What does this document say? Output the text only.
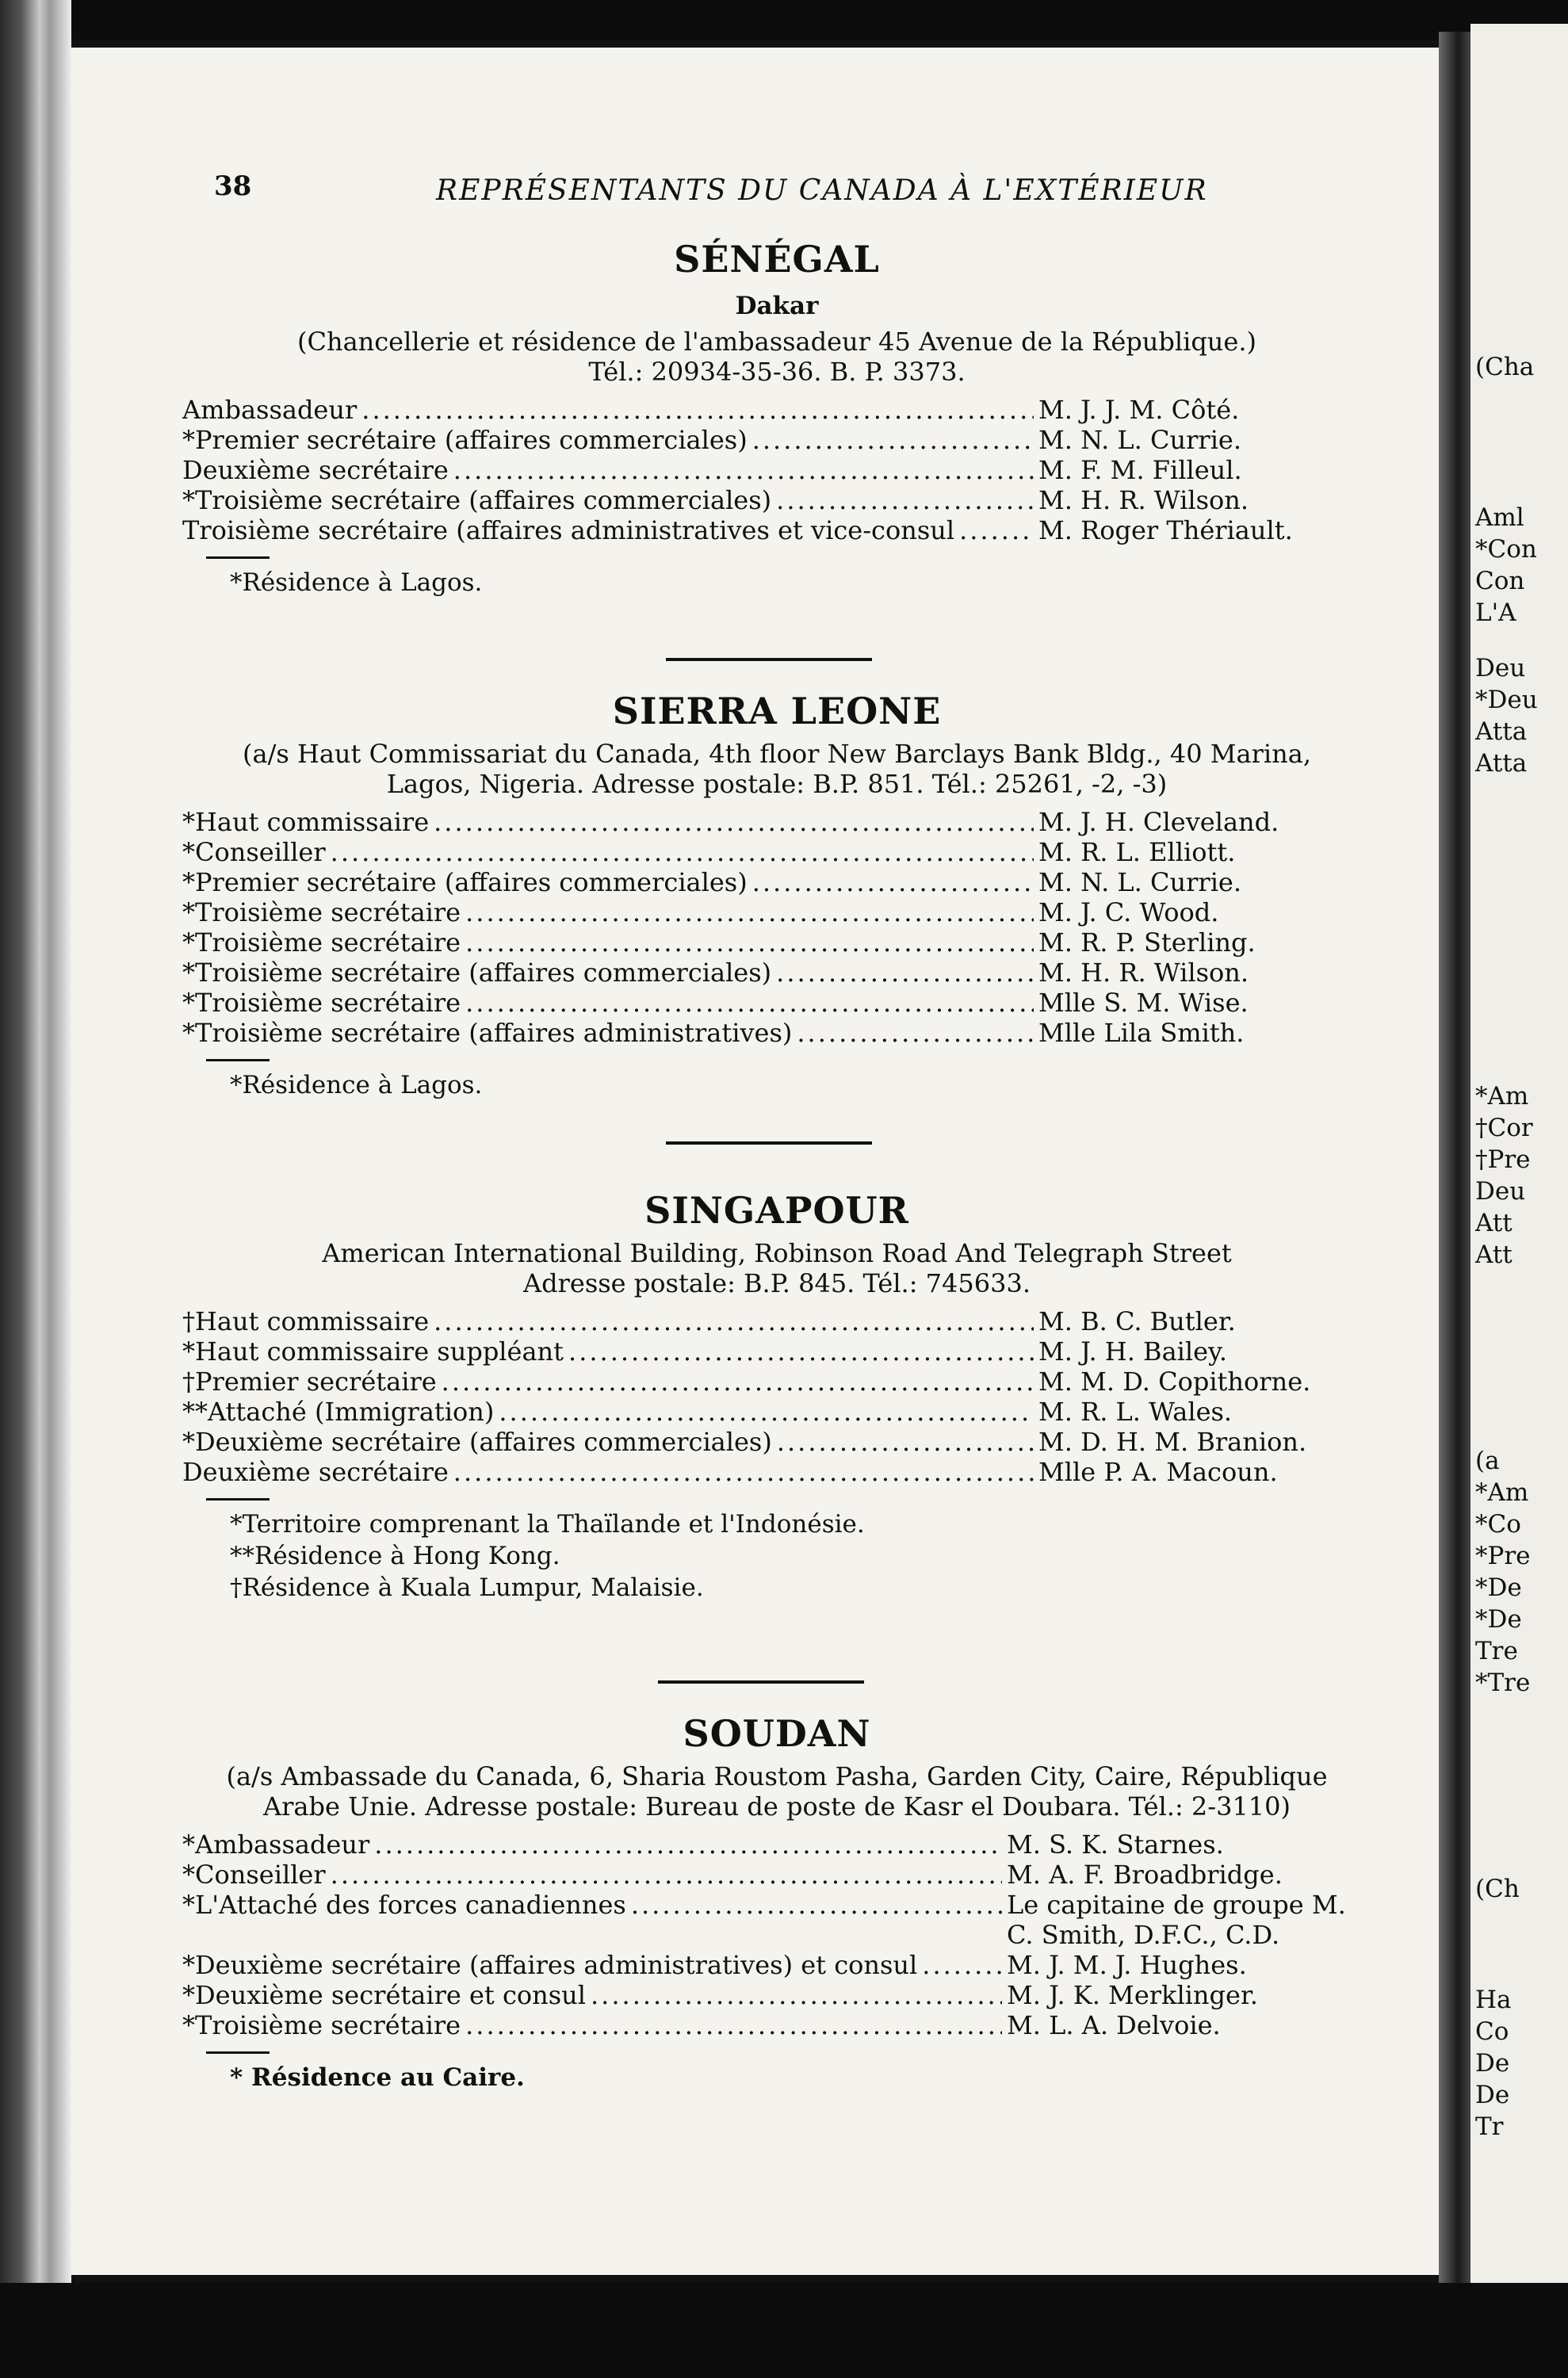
38	REPRÉSENTANTS DU CANADA À L'EXTÉRIEUR
SÉNÉGAL
Dakar
(Chancellerie et résidence de l'ambassadeur 45 Avenue de la République.)
Tél.: 20934-35-36. B. P. 3373.
Ambassadeur .....	M. J. J. M. Côté.
*Premier secrétaire (affaires commerciales) .....	M. N. L. Currie.
Deuxième secrétaire .....	M. F. M. Filleul.
*Troisième secrétaire (affaires commerciales) .....	M. H. R. Wilson.
Troisième secrétaire (affaires administratives et vice-consul .....	M. Roger Thériault.
*Résidence à Lagos.
SIERRA LEONE
(a/s Haut Commissariat du Canada, 4th floor New Barclays Bank Bldg., 40 Marina,
Lagos, Nigeria. Adresse postale: B.P. 851. Tél.: 25261, -2, -3)
*Haut commissaire .....	M. J. H. Cleveland.
*Conseiller .....	M. R. L. Elliott.
*Premier secrétaire (affaires commerciales) .....	M. N. L. Currie.
*Troisième secrétaire .....	M. J. C. Wood.
*Troisième secrétaire .....	M. R. P. Sterling.
*Troisième secrétaire (affaires commerciales) .....	M. H. R. Wilson.
*Troisième secrétaire .....	Mlle S. M. Wise.
*Troisième secrétaire (affaires administratives) .....	Mlle Lila Smith.
*Résidence à Lagos.
SINGAPOUR
American International Building, Robinson Road And Telegraph Street
Adresse postale: B.P. 845. Tél.: 745633.
†Haut commissaire .....	M. B. C. Butler.
*Haut commissaire suppléant .....	M. J. H. Bailey.
†Premier secrétaire .....	M. M. D. Copithorne.
**Attaché (Immigration) .....	M. R. L. Wales.
*Deuxième secrétaire (affaires commerciales) .....	M. D. H. M. Branion.
Deuxième secrétaire .....	Mlle P. A. Macoun.
*Territoire comprenant la Thaïlande et l'Indonésie.
**Résidence à Hong Kong.
†Résidence à Kuala Lumpur, Malaisie.
SOUDAN
(a/s Ambassade du Canada, 6, Sharia Roustom Pasha, Garden City, Caire, République
Arabe Unie. Adresse postale: Bureau de poste de Kasr el Doubara. Tél.: 2-3110)
*Ambassadeur .....	M. S. K. Starnes.
*Conseiller .....	M. A. F. Broadbridge.
*L'Attaché des forces canadiennes .....	Le capitaine de groupe M. C. Smith, D.F.C., C.D.
*Deuxième secrétaire (affaires administratives) et consul .....	M. J. M. J. Hughes.
*Deuxième secrétaire et consul .....	M. J. K. Merklinger.
*Troisième secrétaire .....	M. L. A. Delvoie.
* Résidence au Caire.
(Cha
Aml
*Con
Con
L'A
Deu
*Deu
Atta
Atta
*Am
†Cor
†Pre
Deu
Att
Att
(a
*Am
*Co
*Pre
*De
*De
Tre
*Tre
(Ch
Ha
Co
De
De
Tr
